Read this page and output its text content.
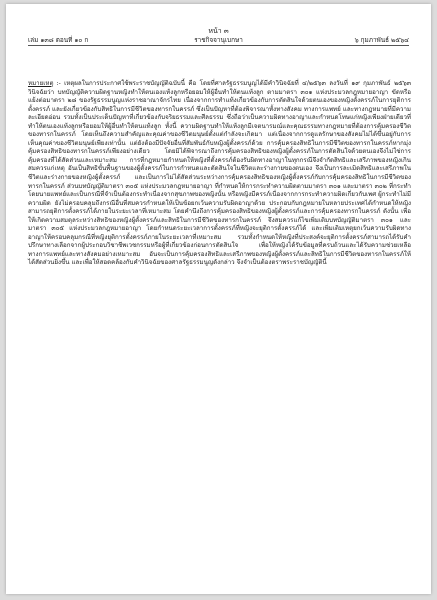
หน้า ๓
เล่ม ๑๓๘ ตอนที่ ๑๐ ก	ราชกิจจานุเบกษา	๖ กุมภาพันธ์ ๒๕๖๔
หมายเหตุ :- เหตุผลในการประกาศใช้พระราชบัญญัติฉบับนี้ คือ โดยที่ศาลรัฐธรรมนูญได้มีคำวินิจฉัยที่ ๔/๒๕๖๓ ลงวันที่ ๑๙ กุมภาพันธ์ ๒๕๖๓ วินิจฉัยว่า บทบัญญัติความผิดฐานหญิงทำให้ตนเองแท้งลูกหรือยอมให้ผู้อื่นทำให้ตนแท้งลูก ตามมาตรา ๓๐๑ แห่งประมวลกฎหมายอาญา ขัดหรือแย้งต่อมาตรา ๒๘ ของรัฐธรรมนูญแห่งราชอาณาจักรไทย เนื่องจากการทำแท้งเกี่ยวข้องกับการตัดสินใจด้วยตนเองของหญิงตั้งครรภ์ในการยุติการตั้งครรภ์ และยังเกี่ยวข้องกับสิทธิในการมีชีวิตของทารกในครรภ์ ซึ่งเป็นปัญหาที่ต้องพิจารณาทั้งทางสังคม ทางการแพทย์ และทางกฎหมายที่มีความละเอียดอ่อน รวมทั้งเป็นประเด็นปัญหาที่เกี่ยวข้องกับจริยธรรมและศีลธรรม ซึ่งถือว่าเป็นความผิดทางอาญาและกำหนดโทษแก่หญิงเพียงฝ่ายเดียวที่ทำให้ตนเองแท้งลูกหรือยอมให้ผู้อื่นทำให้ตนแท้งลูก ทั้งนี้ ความผิดฐานทำให้แท้งลูกมีเจตนารมณ์และคุณธรรมทางกฎหมายที่ต้องการคุ้มครองชีวิตของทารกในครรภ์ โดยเห็นถึงความสำคัญและคุณค่าของชีวิตมนุษย์ตั้งแต่กำลังจะเกิดมา แต่เนื่องจากการดูแลรักษาของสังคมไม่ได้ขึ้นอยู่กับการเห็นคุณค่าของชีวิตมนุษย์เพียงเท่านั้น แต่ยังต้องมีปัจจัยอื่นที่สัมพันธ์กับหญิงผู้ตั้งครรภ์ด้วย การคุ้มครองสิทธิในการมีชีวิตของทารกในครรภ์หากมุ่งคุ้มครองสิทธิของทารกในครรภ์เพียงอย่างเดียว โดยมิได้พิจารณาถึงการคุ้มครองสิทธิของหญิงผู้ตั้งครรภ์ในการตัดสินใจด้วยตนเองจึงไม่ใช่การคุ้มครองที่ได้สัดส่วนและเหมาะสม การที่กฎหมายกำหนดให้หญิงที่ตั้งครรภ์ต้องรับผิดทางอาญาในทุกกรณีจึงจำกัดสิทธิและเสรีภาพของหญิงเกินสมควรแก่เหตุ อันเป็นสิทธิขั้นพื้นฐานของผู้ตั้งครรภ์ในการกำหนดและตัดสินใจในชีวิตและร่างกายของตนเอง จึงเป็นการละเมิดสิทธิและเสรีภาพในชีวิตและร่างกายของหญิงผู้ตั้งครรภ์ และเป็นการไม่ได้สัดส่วนระหว่างการคุ้มครองสิทธิของหญิงผู้ตั้งครรภ์กับการคุ้มครองสิทธิในการมีชีวิตของทารกในครรภ์ ส่วนบทบัญญัติมาตรา ๓๐๕ แห่งประมวลกฎหมายอาญา ที่กำหนดให้การกระทำความผิดตามมาตรา ๓๐๑ และมาตรา ๓๐๒ ที่กระทำโดยนายแพทย์และเป็นกรณีที่จำเป็นต้องกระทำเนื่องจากสุขภาพของหญิงนั้น หรือหญิงมีครรภ์เนื่องจากการกระทำความผิดเกี่ยวกับเพศ ผู้กระทำไม่มีความผิด ยังไม่ครอบคลุมถึงกรณีอื่นที่สมควรกำหนดให้เป็นข้อยกเว้นความรับผิดอาญาด้วย ประกอบกับกฎหมายในหลายประเทศได้กำหนดให้หญิงสามารถยุติการตั้งครรภ์ได้ภายในระยะเวลาที่เหมาะสม โดยคำนึงถึงการคุ้มครองสิทธิของหญิงผู้ตั้งครรภ์และการคุ้มครองทารกในครรภ์ ดังนั้น เพื่อให้เกิดความสมดุลระหว่างสิทธิของหญิงผู้ตั้งครรภ์และสิทธิในการมีชีวิตของทารกในครรภ์ จึงสมควรแก้ไขเพิ่มเติมบทบัญญัติมาตรา ๓๐๑ และมาตรา ๓๐๕ แห่งประมวลกฎหมายอาญา โดยกำหนดระยะเวลาการตั้งครรภ์ที่หญิงจะยุติการตั้งครรภ์ได้ และเพิ่มเติมเหตุยกเว้นความรับผิดทางอาญาให้ครอบคลุมกรณีที่หญิงยุติการตั้งครรภ์ภายในระยะเวลาที่เหมาะสม รวมทั้งกำหนดให้หญิงที่ประสงค์จะยุติการตั้งครรภ์สามารถได้รับคำปรึกษาทางเลือกจากผู้ประกอบวิชาชีพเวชกรรมหรือผู้ที่เกี่ยวข้องก่อนการตัดสินใจ เพื่อให้หญิงได้รับข้อมูลที่ครบถ้วนและได้รับความช่วยเหลือทางการแพทย์และทางสังคมอย่างเหมาะสม อันจะเป็นการคุ้มครองสิทธิและเสรีภาพของหญิงผู้ตั้งครรภ์และสิทธิในการมีชีวิตของทารกในครรภ์ให้ได้สัดส่วนยิ่งขึ้น และเพื่อให้สอดคล้องกับคำวินิจฉัยของศาลรัฐธรรมนูญดังกล่าว จึงจำเป็นต้องตราพระราชบัญญัตินี้
